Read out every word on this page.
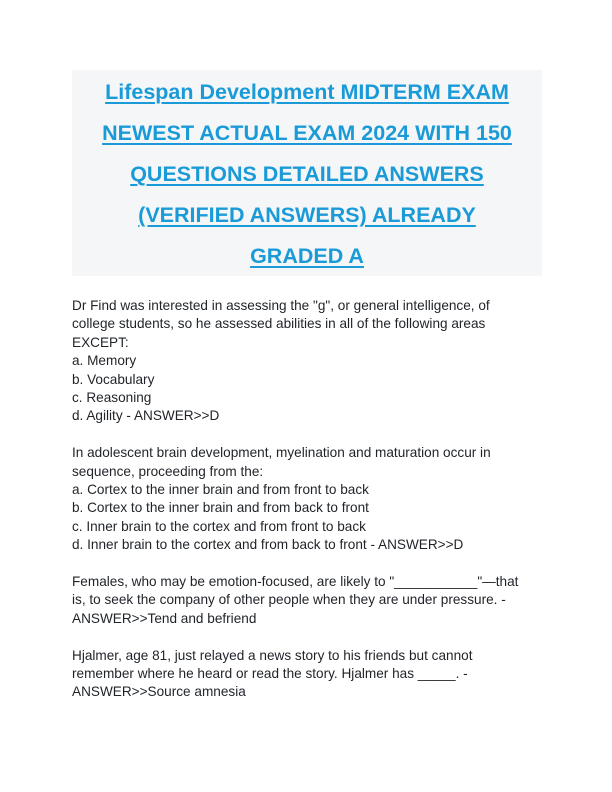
Lifespan Development MIDTERM EXAM
NEWEST ACTUAL EXAM 2024 WITH 150
QUESTIONS DETAILED ANSWERS
(VERIFIED ANSWERS) ALREADY
GRADED A
Dr Find was interested in assessing the "g", or general intelligence, of
college students, so he assessed abilities in all of the following areas
EXCEPT:
a. Memory
b. Vocabulary
c. Reasoning
d. Agility - ANSWER>>D
In adolescent brain development, myelination and maturation occur in
sequence, proceeding from the:
a. Cortex to the inner brain and from front to back
b. Cortex to the inner brain and from back to front
c. Inner brain to the cortex and from front to back
d. Inner brain to the cortex and from back to front - ANSWER>>D
Females, who may be emotion-focused, are likely to "___________"—that
is, to seek the company of other people when they are under pressure. -
ANSWER>>Tend and befriend
Hjalmer, age 81, just relayed a news story to his friends but cannot
remember where he heard or read the story. Hjalmer has _____. -
ANSWER>>Source amnesia
